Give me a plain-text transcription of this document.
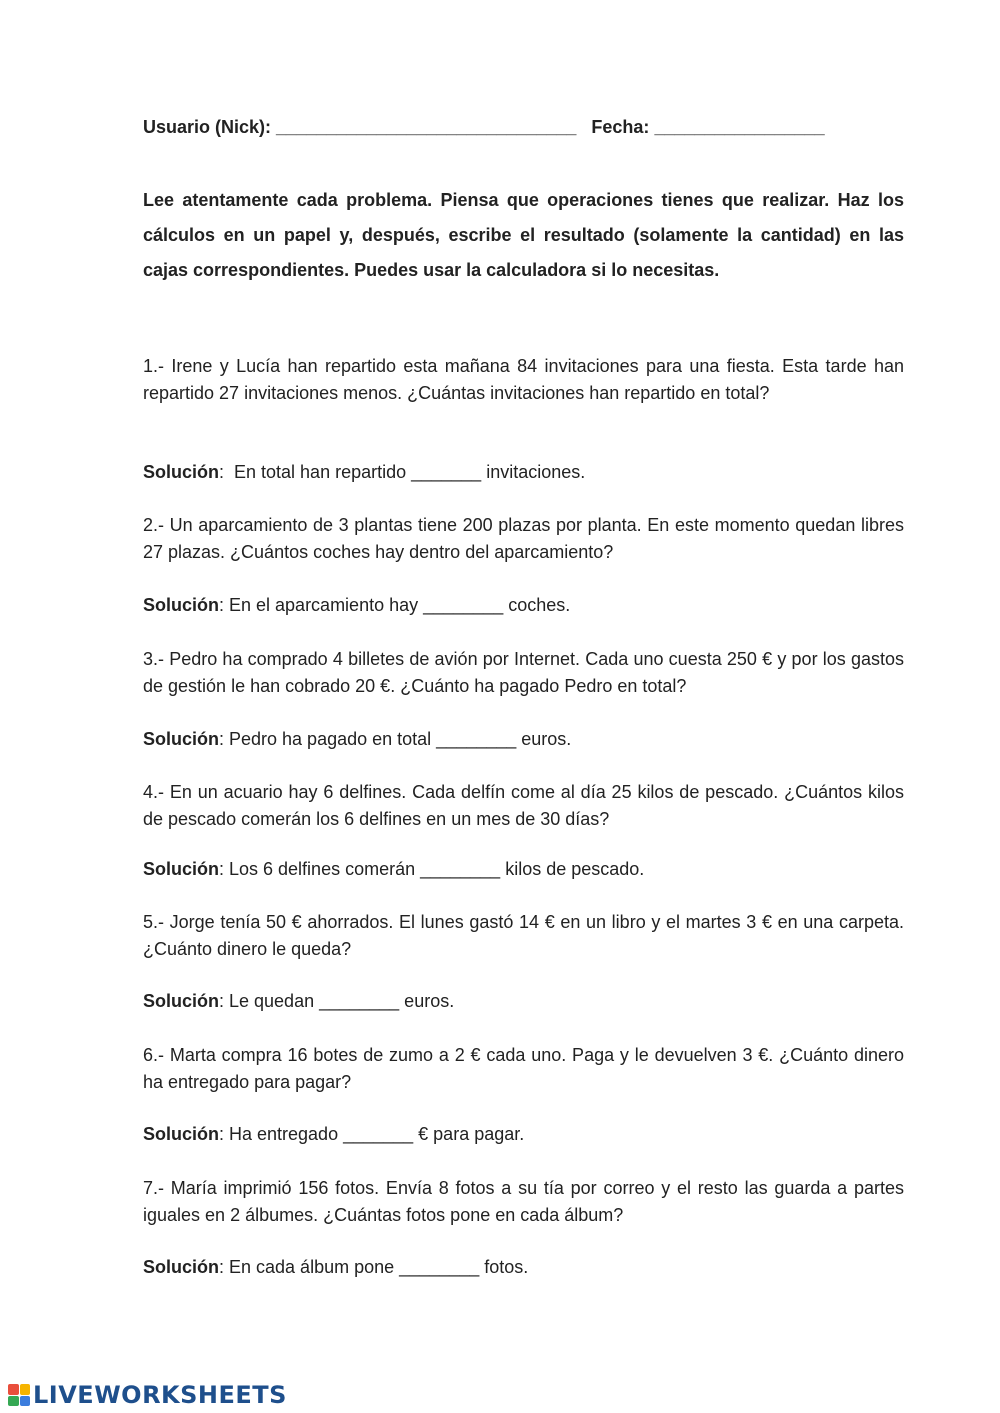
Usuario (Nick): ______________________________ Fecha: _________________
Lee atentamente cada problema. Piensa que operaciones tienes que realizar. Haz los cálculos en un papel y, después, escribe el resultado (solamente la cantidad) en las cajas correspondientes. Puedes usar la calculadora si lo necesitas.
1.- Irene y Lucía han repartido esta mañana 84 invitaciones para una fiesta. Esta tarde han repartido 27 invitaciones menos. ¿Cuántas invitaciones han repartido en total?
Solución:  En total han repartido _______ invitaciones.
2.- Un aparcamiento de 3 plantas tiene 200 plazas por planta. En este momento quedan libres 27 plazas. ¿Cuántos coches hay dentro del aparcamiento?
Solución: En el aparcamiento hay ________ coches.
3.- Pedro ha comprado 4 billetes de avión por Internet. Cada uno cuesta 250 € y por los gastos de gestión le han cobrado 20 €. ¿Cuánto ha pagado Pedro en total?
Solución: Pedro ha pagado en total ________ euros.
4.- En un acuario hay 6 delfines. Cada delfín come al día 25 kilos de pescado. ¿Cuántos kilos de pescado comerán los 6 delfines en un mes de 30 días?
Solución: Los 6 delfines comerán ________ kilos de pescado.
5.- Jorge tenía 50 € ahorrados. El lunes gastó 14 € en un libro y el martes 3 € en una carpeta. ¿Cuánto dinero le queda?
Solución: Le quedan ________ euros.
6.- Marta compra 16 botes de zumo a 2 € cada uno. Paga y le devuelven 3 €. ¿Cuánto dinero ha entregado para pagar?
Solución: Ha entregado _______ € para pagar.
7.- María imprimió 156 fotos. Envía 8 fotos a su tía por correo y el resto las guarda a partes iguales en 2 álbumes. ¿Cuántas fotos pone en cada álbum?
Solución: En cada álbum pone ________ fotos.
LIVEWORKSHEETS
